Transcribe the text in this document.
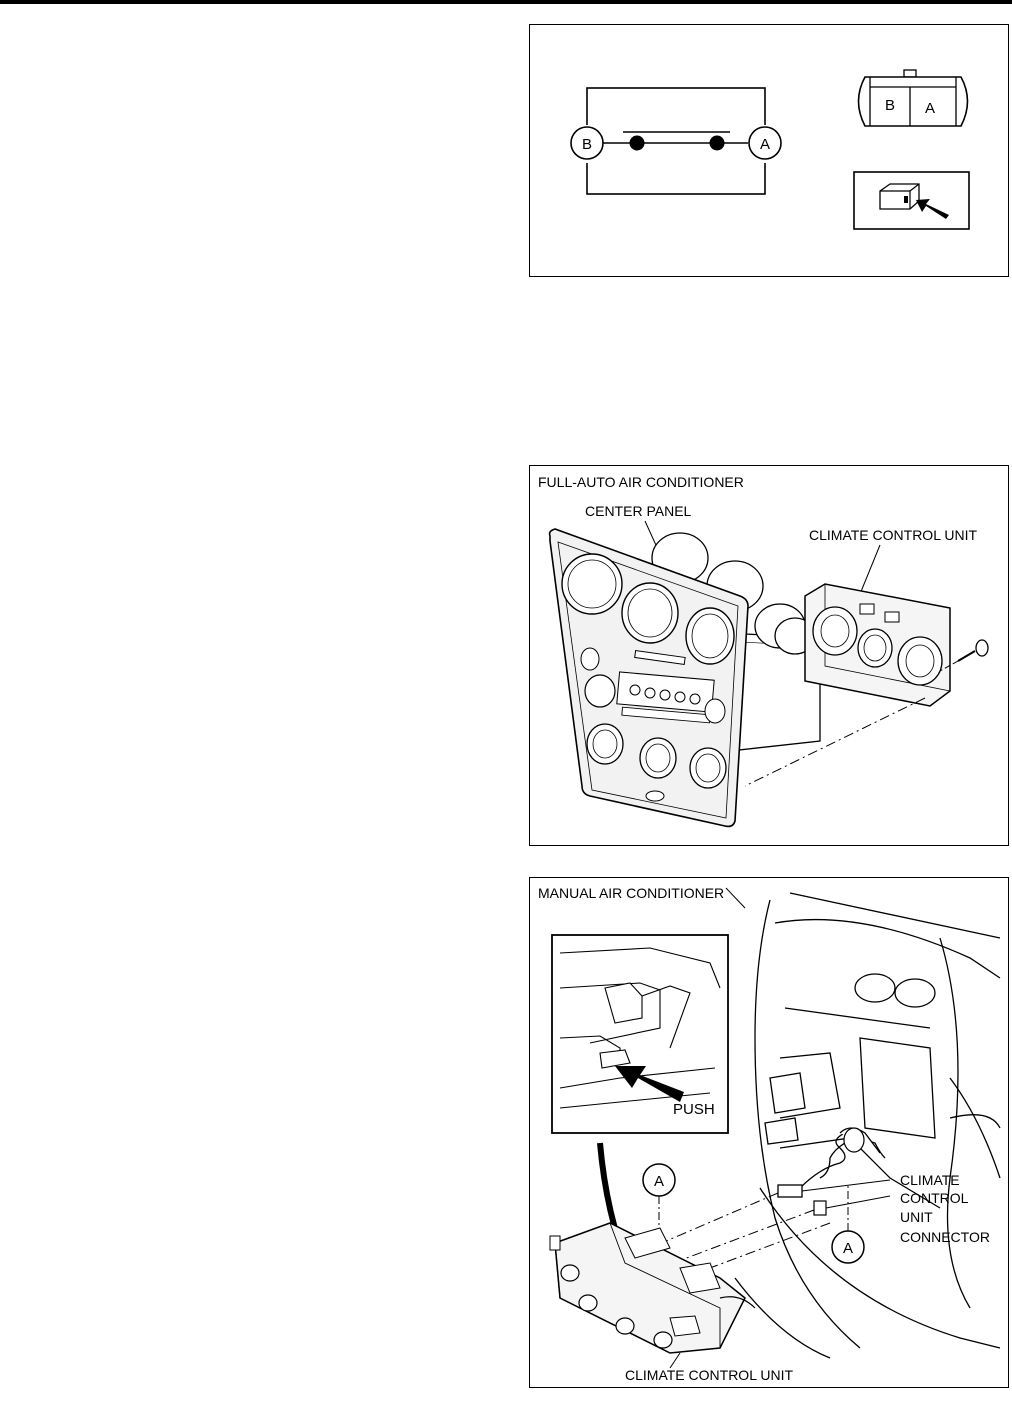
B	A
B A
FULL-AUTO AIR CONDITIONER
CENTER PANEL
CLIMATE CONTROL UNIT
MANUAL AIR CONDITIONER
PUSH
A
A
CLIMATE
CONTROL
UNIT
CONNECTOR
CLIMATE CONTROL UNIT
